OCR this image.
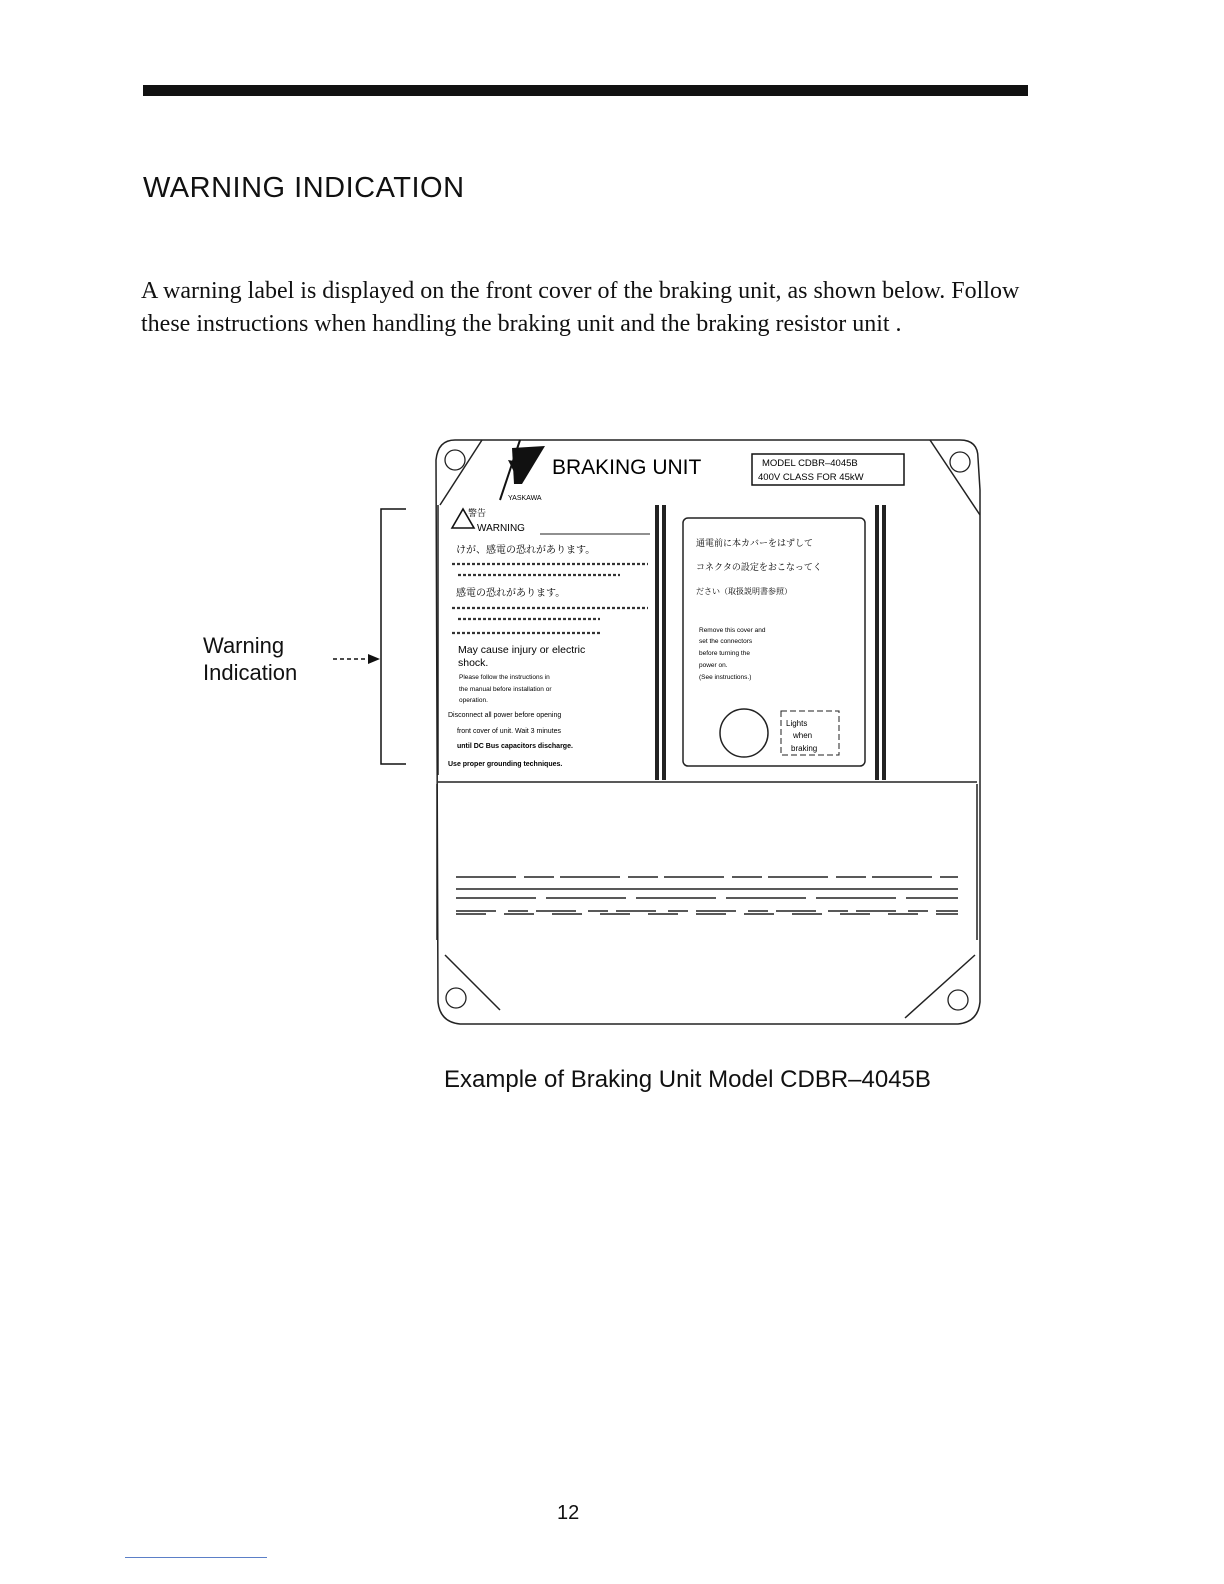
WARNING INDICATION

A warning label is displayed on the front cover of the braking unit, as shown below. Follow these instructions when handling the braking unit and the braking resistor unit .

Warning
Indication
YASKAWA
BRAKING UNIT	MODEL CDBR–4045B
400V CLASS FOR 45kW
警告
WARNING
けが、感電の恐れがあります。
感電の恐れがあります。
May cause injury or electric
shock.
Please follow the instructions in
the manual before installation or
operation.
Disconnect all power before opening
front cover of unit. Wait 3 minutes
until DC Bus capacitors discharge.
Use proper grounding techniques.
通電前に本カバーをはずして
コネクタの設定をおこなってく
ださい（取扱説明書参照）
Remove this cover and
set the connectors
before turning the
power on.
(See instructions.)
Lights
when
braking
Example of Braking Unit Model CDBR–4045B
12
